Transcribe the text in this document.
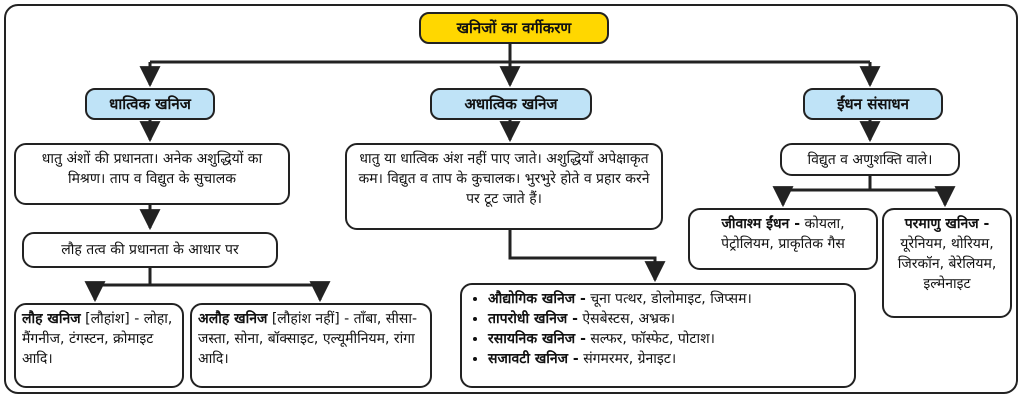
खनिजों का वर्गीकरण
धात्विक खनिज	अधात्विक खनिज	ईंधन संसाधन
धातु अंशों की प्रधानता। अनेक अशुद्धियों का मिश्रण। ताप व विद्युत के सुचालक
लौह तत्व की प्रधानता के आधार पर
लौह खनिज [लौहांश] - लोहा, मैंगनीज, टंगस्टन, क्रोमाइट आदि।
अलौह खनिज [लौहांश नहीं] - ताँबा, सीसा-जस्ता, सोना, बॉक्साइट, एल्यूमीनियम, रांगा आदि।
धातु या धात्विक अंश नहीं पाए जाते। अशुद्धियाँ अपेक्षाकृत कम। विद्युत व ताप के कुचालक। भुरभुरे होते व प्रहार करने पर टूट जाते हैं।
• औद्योगिक खनिज - चूना पत्थर, डोलोमाइट, जिप्सम।
• तापरोधी खनिज - ऐसबेस्टस, अभ्रक।
• रसायनिक खनिज - सल्फर, फॉस्फेट, पोटाश।
• सजावटी खनिज - संगमरमर, ग्रेनाइट।
विद्युत व अणुशक्ति वाले।
जीवाश्म ईंधन - कोयला, पेट्रोलियम, प्राकृतिक गैस
परमाणु खनिज - यूरेनियम, थोरियम, जिरकॉन, बेरेलियम, इल्मेनाइट
